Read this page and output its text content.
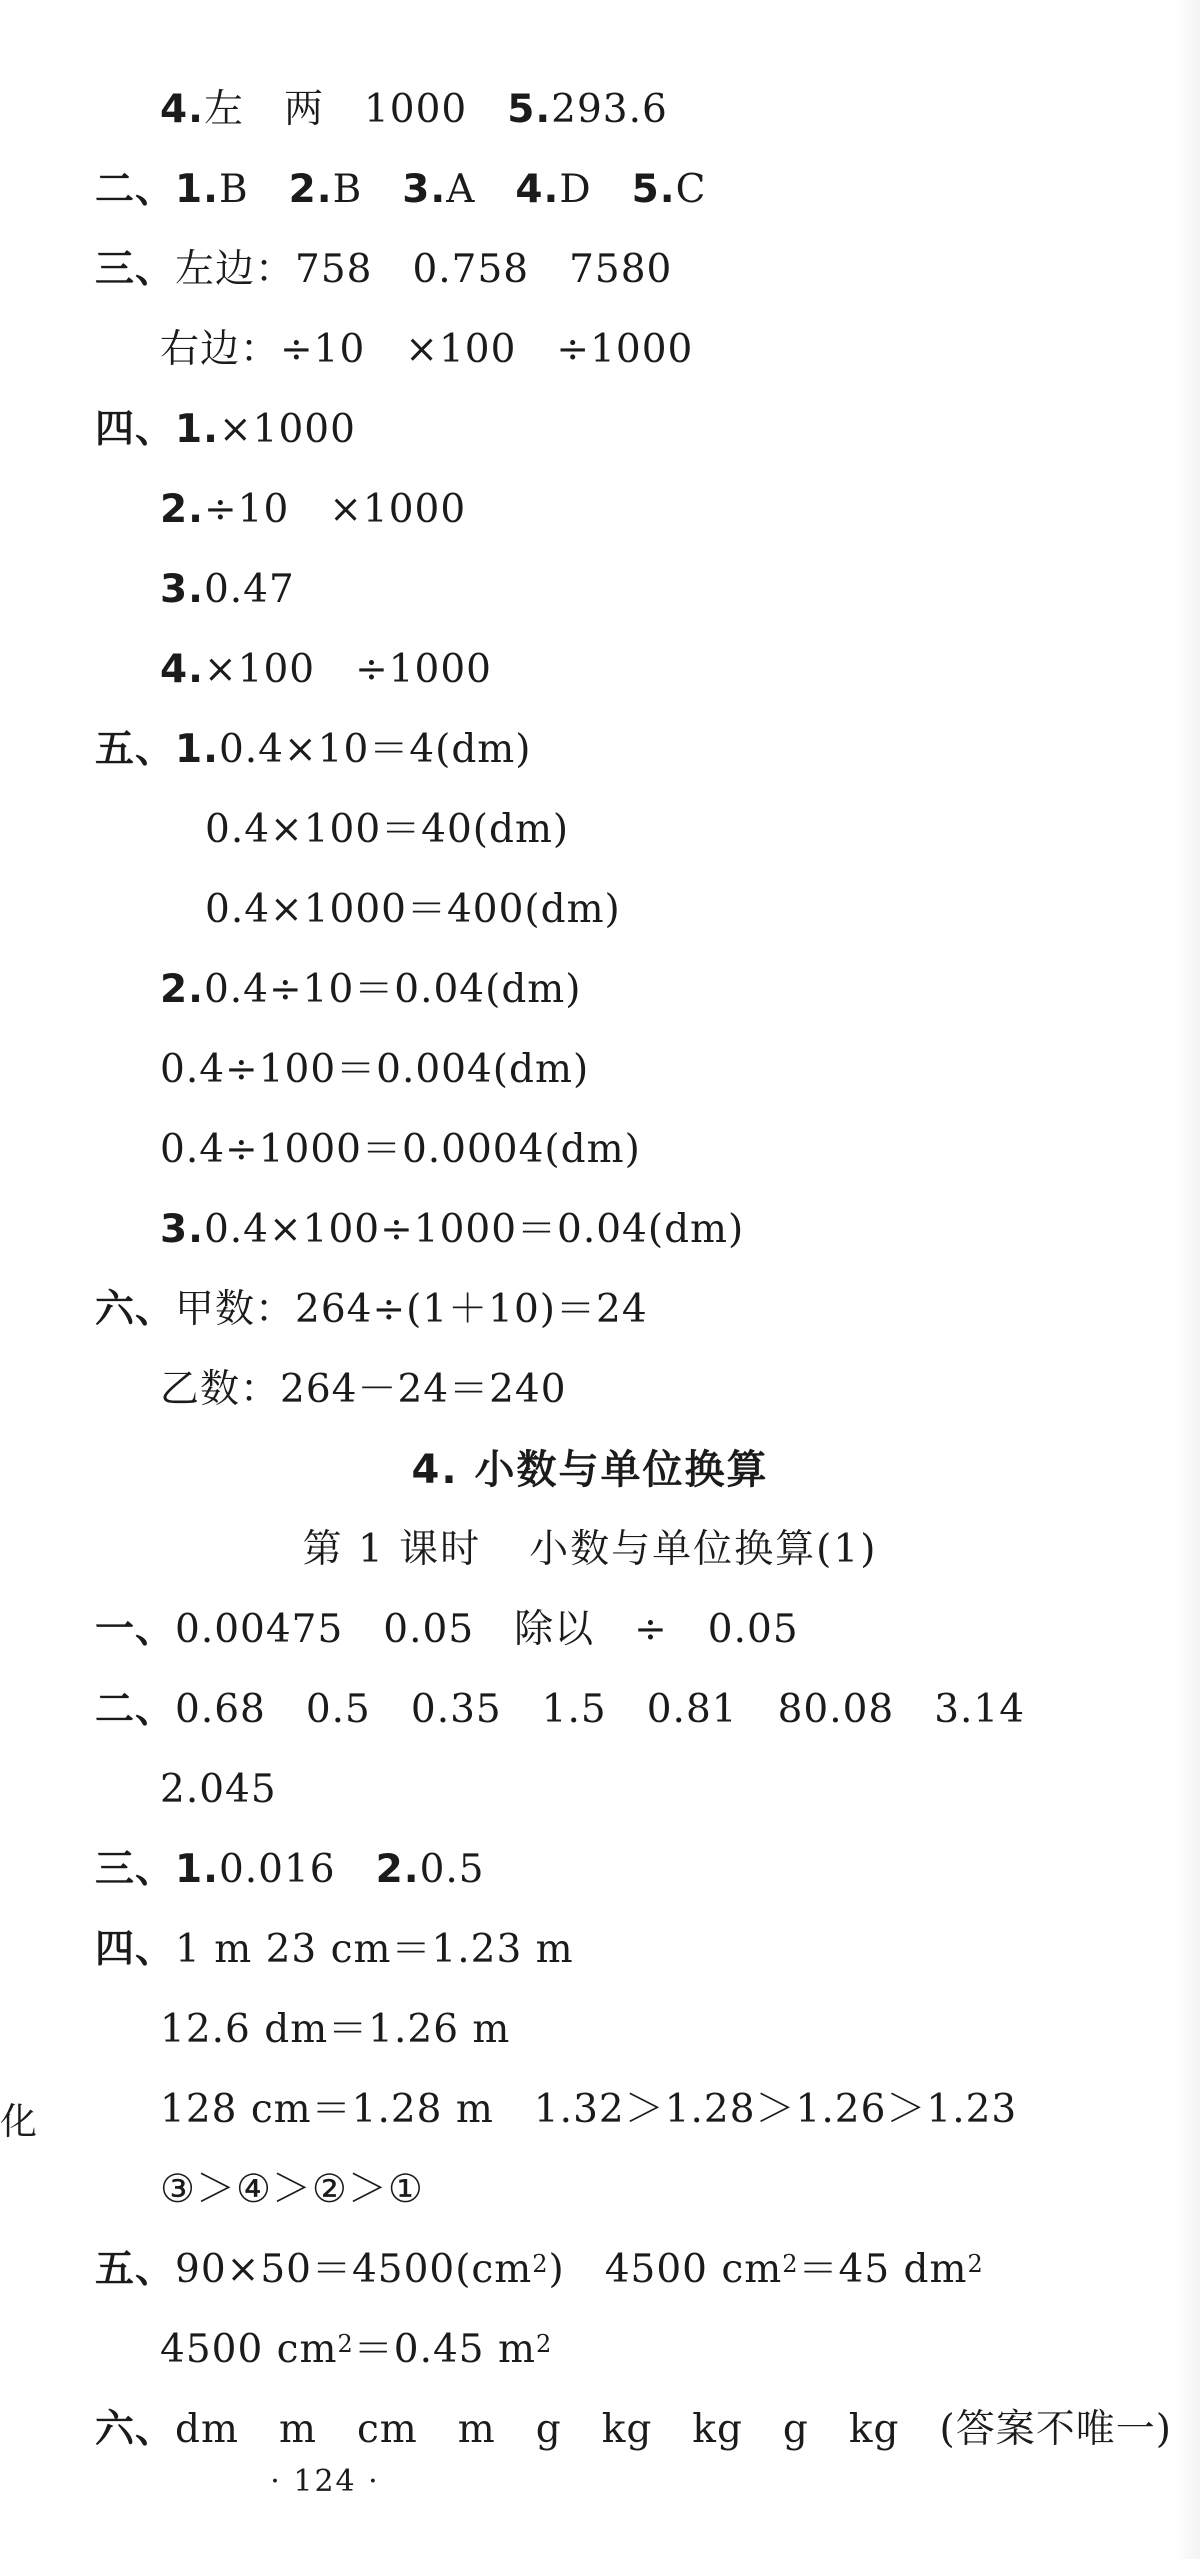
4.左　两　1000　5.293.6
二、1.B　2.B　3.A　4.D　5.C
三、左边：758　0.758　7580
右边：÷10　×100　÷1000
四、1.×1000
2.÷10　×1000
3.0.47
4.×100　÷1000
五、1.0.4×10＝4(dm)
0.4×100＝40(dm)
0.4×1000＝400(dm)
2.0.4÷10＝0.04(dm)
0.4÷100＝0.004(dm)
0.4÷1000＝0.0004(dm)
3.0.4×100÷1000＝0.04(dm)
六、甲数：264÷(1＋10)＝24
乙数：264－24＝240
4. 小数与单位换算
第 1 课时 小数与单位换算(1)
一、0.00475　0.05　除以　÷　0.05
二、0.68　0.5　0.35　1.5　0.81　80.08　3.14
2.045
三、1.0.016　2.0.5
四、1 m 23 cm＝1.23 m
12.6 dm＝1.26 m
128 cm＝1.28 m　1.32＞1.28＞1.26＞1.23
③＞④＞②＞①
五、$90\times 50=4500(cm^2)$　4500 $cm^2=45$ $dm^2$
4500 $cm^2=0.45$ $m^2$
六、dm　m　cm　m　g　kg　kg　g　kg　(答案不唯一)
化
· 124 ·
